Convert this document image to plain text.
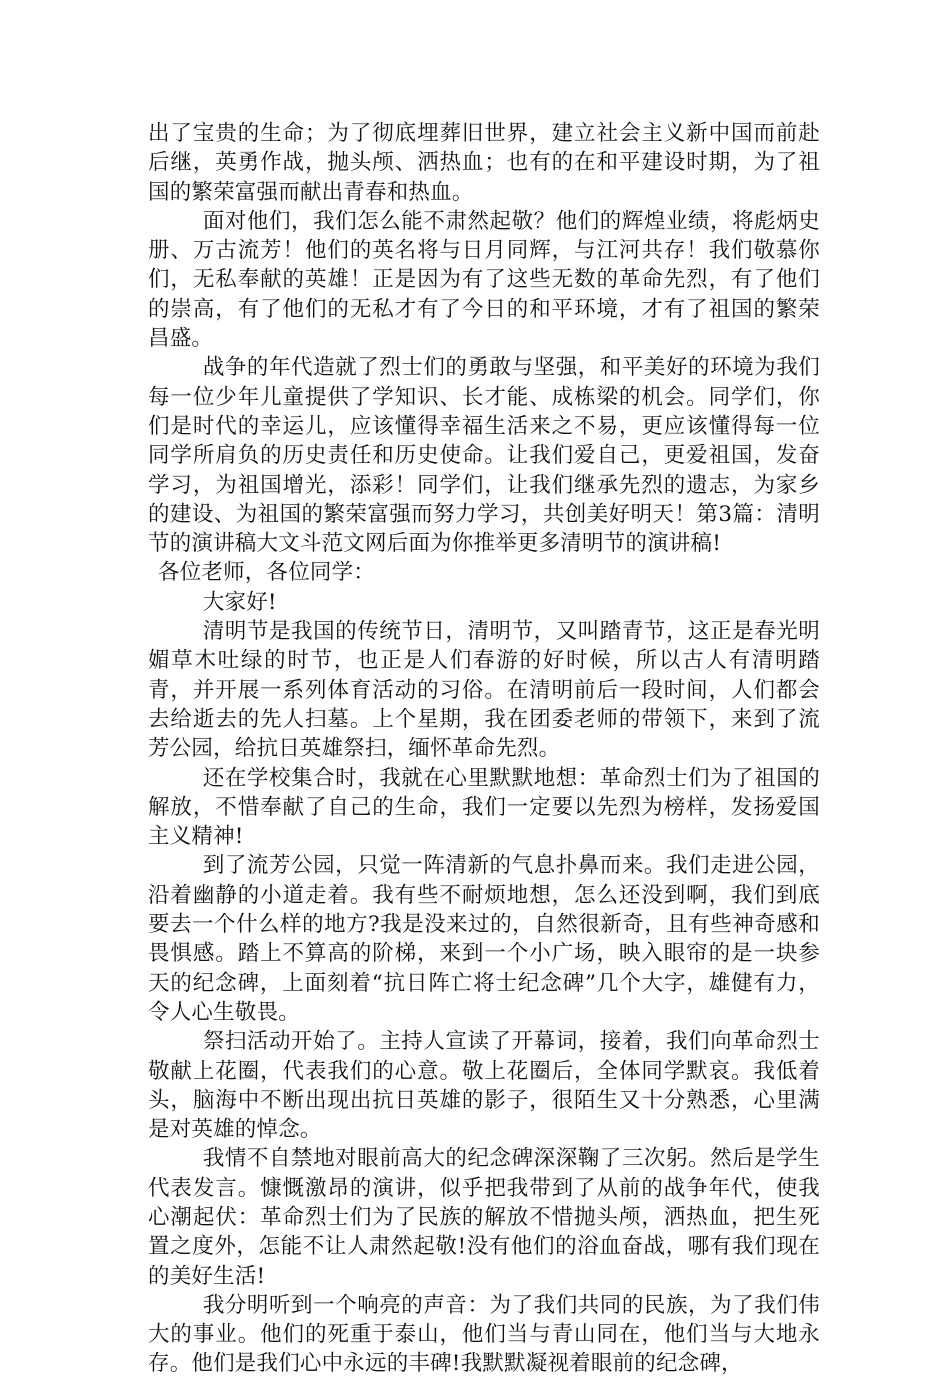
出了宝贵的生命；为了彻底埋葬旧世界，建立社会主义新中国而前赴后继，英勇作战，抛头颅、洒热血；也有的在和平建设时期，为了祖国的繁荣富强而献出青春和热血。

面对他们，我们怎么能不肃然起敬？他们的辉煌业绩，将彪炳史册、万古流芳！他们的英名将与日月同辉，与江河共存！我们敬慕你们，无私奉献的英雄！正是因为有了这些无数的革命先烈，有了他们的崇高，有了他们的无私才有了今日的和平环境，才有了祖国的繁荣昌盛。

战争的年代造就了烈士们的勇敢与坚强，和平美好的环境为我们每一位少年儿童提供了学知识、长才能、成栋梁的机会。同学们，你们是时代的幸运儿，应该懂得幸福生活来之不易，更应该懂得每一位同学所肩负的历史责任和历史使命。让我们爱自己，更爱祖国，发奋学习，为祖国增光，添彩！同学们，让我们继承先烈的遗志，为家乡的建设、为祖国的繁荣富强而努力学习，共创美好明天！第3篇：清明节的演讲稿大文斗范文网后面为你推举更多清明节的演讲稿!

各位老师，各位同学：

大家好!

清明节是我国的传统节日，清明节，又叫踏青节，这正是春光明媚草木吐绿的时节，也正是人们春游的好时候，所以古人有清明踏青，并开展一系列体育活动的习俗。在清明前后一段时间，人们都会去给逝去的先人扫墓。上个星期，我在团委老师的带领下，来到了流芳公园，给抗日英雄祭扫，缅怀革命先烈。

还在学校集合时，我就在心里默默地想：革命烈士们为了祖国的解放，不惜奉献了自己的生命，我们一定要以先烈为榜样，发扬爱国主义精神!

到了流芳公园，只觉一阵清新的气息扑鼻而来。我们走进公园，沿着幽静的小道走着。我有些不耐烦地想，怎么还没到啊，我们到底要去一个什么样的地方?我是没来过的，自然很新奇，且有些神奇感和畏惧感。踏上不算高的阶梯，来到一个小广场，映入眼帘的是一块参天的纪念碑，上面刻着“抗日阵亡将士纪念碑”几个大字，雄健有力，令人心生敬畏。

祭扫活动开始了。主持人宣读了开幕词，接着，我们向革命烈士敬献上花圈，代表我们的心意。敬上花圈后，全体同学默哀。我低着头，脑海中不断出现出抗日英雄的影子，很陌生又十分熟悉，心里满是对英雄的悼念。

我情不自禁地对眼前高大的纪念碑深深鞠了三次躬。然后是学生代表发言。慷慨激昂的演讲，似乎把我带到了从前的战争年代，使我心潮起伏：革命烈士们为了民族的解放不惜抛头颅，洒热血，把生死置之度外，怎能不让人肃然起敬!没有他们的浴血奋战，哪有我们现在的美好生活!

我分明听到一个响亮的声音：为了我们共同的民族，为了我们伟大的事业。他们的死重于泰山，他们当与青山同在，他们当与大地永存。他们是我们心中永远的丰碑!我默默凝视着眼前的纪念碑，
